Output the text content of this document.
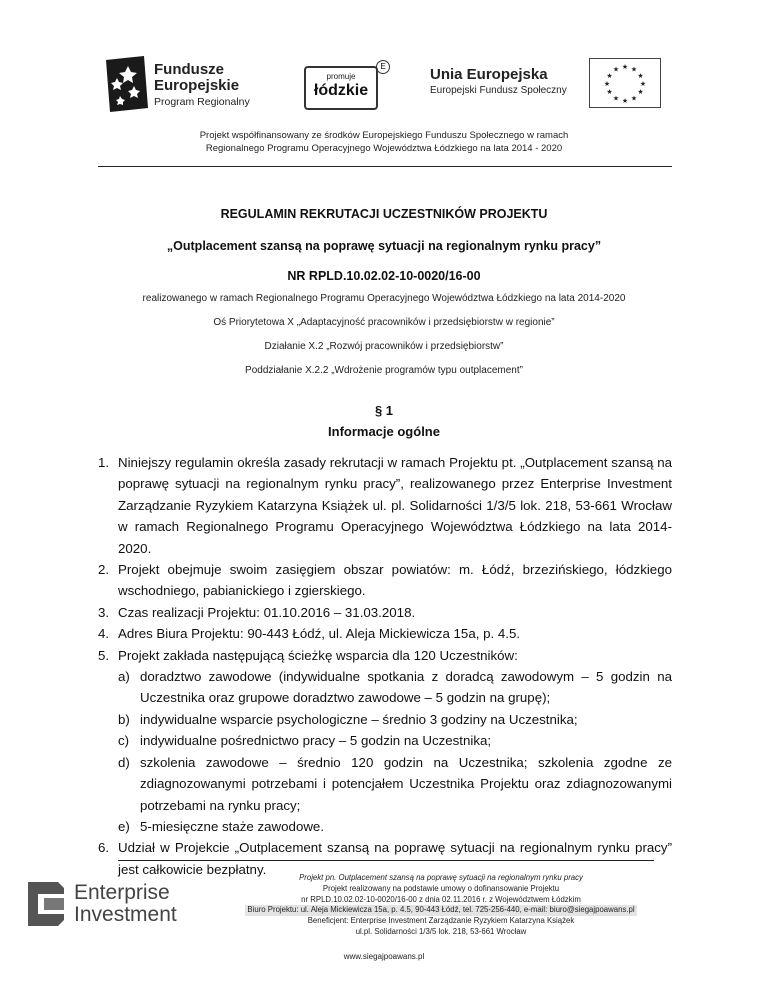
Fundusze
Europejskie
Program Regionalny
promuje
łódzkie
E	Unia Europejska
Europejski Fundusz Społeczny
★ ★
★
★
★
★
★
★
★
★
★
★
Projekt współfinansowany ze środków Europejskiego Funduszu Społecznego w ramach
Regionalnego Programu Operacyjnego Województwa Łódzkiego na lata 2014 - 2020
REGULAMIN REKRUTACJI UCZESTNIKÓW PROJEKTU
„Outplacement szansą na poprawę sytuacji na regionalnym rynku pracy”
NR RPLD.10.02.02-10-0020/16-00
realizowanego w ramach Regionalnego Programu Operacyjnego Województwa Łódzkiego na lata 2014-2020
Oś Priorytetowa X „Adaptacyjność pracowników i przedsiębiorstw w regionie”
Działanie X.2 „Rozwój pracowników i przedsiębiorstw”
Poddziałanie X.2.2 „Wdrożenie programów typu outplacement”
§ 1
Informacje ogólne
1. Niniejszy regulamin określa zasady rekrutacji w ramach Projektu pt. „Outplacement szansą na poprawę sytuacji na regionalnym rynku pracy”, realizowanego przez Enterprise Investment Zarządzanie Ryzykiem Katarzyna Książek ul. pl. Solidarności 1/3/5 lok. 218, 53-661 Wrocław w ramach Regionalnego Programu Operacyjnego Województwa Łódzkiego na lata 2014-2020.
2. Projekt obejmuje swoim zasięgiem obszar powiatów: m. Łódź, brzezińskiego, łódzkiego wschodniego, pabianickiego i zgierskiego.
3. Czas realizacji Projektu: 01.10.2016 – 31.03.2018.
4. Adres Biura Projektu: 90-443 Łódź, ul. Aleja Mickiewicza 15a, p. 4.5.
5. Projekt zakłada następującą ścieżkę wsparcia dla 120 Uczestników:
a) doradztwo zawodowe (indywidualne spotkania z doradcą zawodowym – 5 godzin na Uczestnika oraz grupowe doradztwo zawodowe – 5 godzin na grupę);
b) indywidualne wsparcie psychologiczne – średnio 3 godziny na Uczestnika;
c) indywidualne pośrednictwo pracy – 5 godzin na Uczestnika;
d) szkolenia zawodowe – średnio 120 godzin na Uczestnika; szkolenia zgodne ze zdiagnozowanymi potrzebami i potencjałem Uczestnika Projektu oraz zdiagnozowanymi potrzebami na rynku pracy;
e) 5-miesięczne staże zawodowe.
6. Udział w Projekcie „Outplacement szansą na poprawę sytuacji na regionalnym rynku pracy” jest całkowicie bezpłatny.
Enterprise
Investment
Projekt pn. Outplacement szansą na poprawę sytuacji na regionalnym rynku pracy
Projekt realizowany na podstawie umowy o dofinansowanie Projektu
nr RPLD.10.02.02-10-0020/16-00 z dnia 02.11.2016 r. z Województwem Łódzkim
Biuro Projektu: ul. Aleja Mickiewicza 15a, p. 4.5, 90-443 Łódź, tel. 725-256-440, e-mail: biuro@siegajpoawans.pl
Beneficjent: Enterprise Investment Zarządzanie Ryzykiem Katarzyna Książek
ul.pl. Solidarności 1/3/5 lok. 218, 53-661 Wrocław
www.siegajpoawans.pl
